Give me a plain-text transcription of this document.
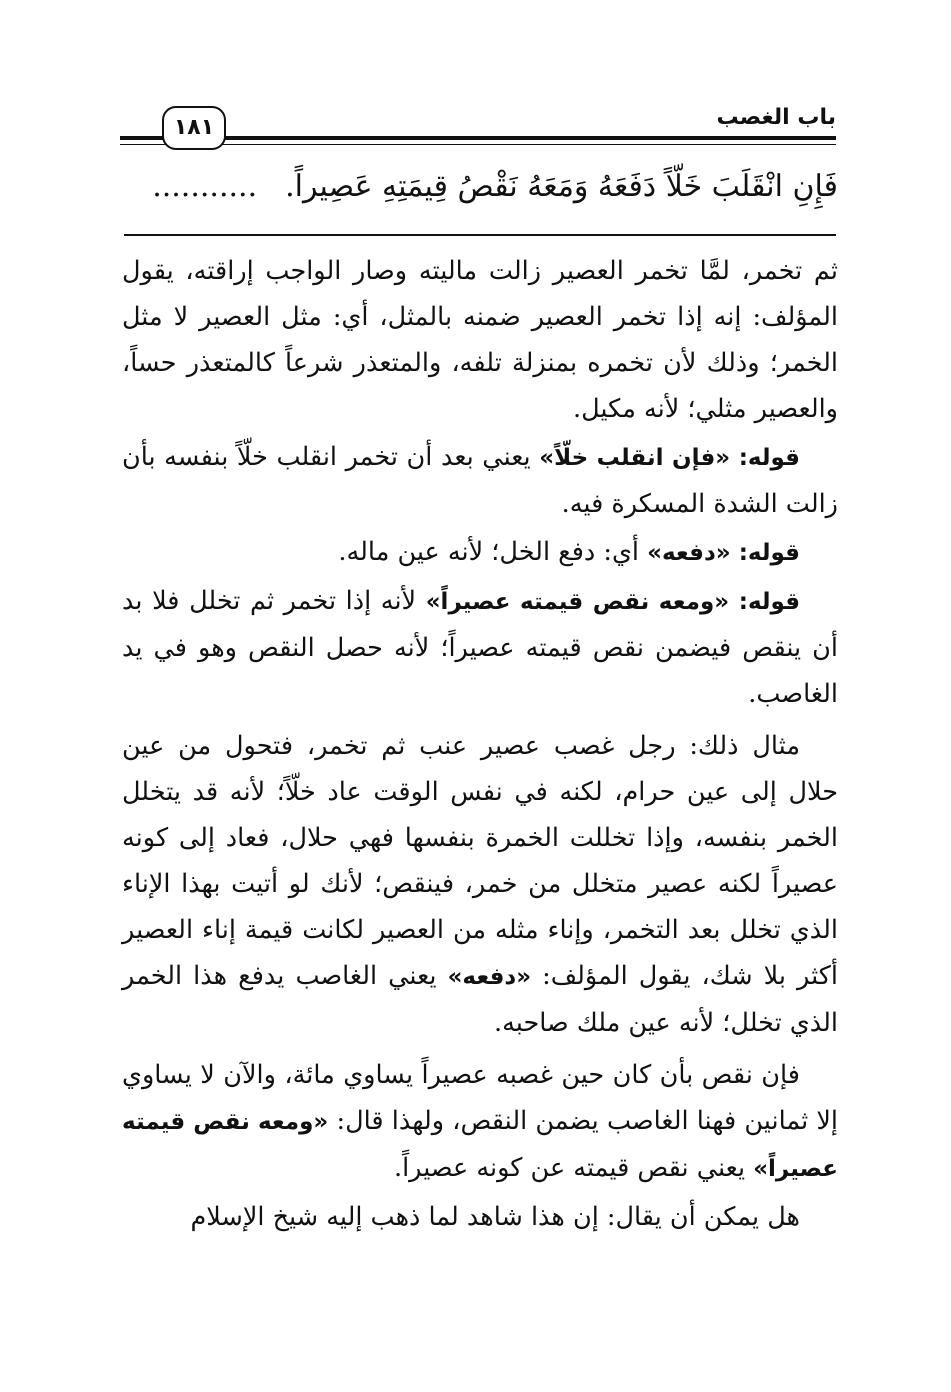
باب الغصب
١٨١
فَإِنِ انْقَلَبَ خَلّاً دَفَعَهُ وَمَعَهُ نَقْصُ قِيمَتِهِ عَصِيراً............

ثم تخمر، لمَّا تخمر العصير زالت ماليته وصار الواجب إراقته، يقول المؤلف: إنه إذا تخمر العصير ضمنه بالمثل، أي: مثل العصير لا مثل الخمر؛ وذلك لأن تخمره بمنزلة تلفه، والمتعذر شرعاً كالمتعذر حساً، والعصير مثلي؛ لأنه مكيل.

قوله: «فإن انقلب خلّاً» يعني بعد أن تخمر انقلب خلّاً بنفسه بأن زالت الشدة المسكرة فيه.

قوله: «دفعه» أي: دفع الخل؛ لأنه عين ماله.

قوله: «ومعه نقص قيمته عصيراً» لأنه إذا تخمر ثم تخلل فلا بد أن ينقص فيضمن نقص قيمته عصيراً؛ لأنه حصل النقص وهو في يد الغاصب.

مثال ذلك: رجل غصب عصير عنب ثم تخمر، فتحول من عين حلال إلى عين حرام، لكنه في نفس الوقت عاد خلّاً؛ لأنه قد يتخلل الخمر بنفسه، وإذا تخللت الخمرة بنفسها فهي حلال، فعاد إلى كونه عصيراً لكنه عصير متخلل من خمر، فينقص؛ لأنك لو أتيت بهذا الإناء الذي تخلل بعد التخمر، وإناء مثله من العصير لكانت قيمة إناء العصير أكثر بلا شك، يقول المؤلف: «دفعه» يعني الغاصب يدفع هذا الخمر الذي تخلل؛ لأنه عين ملك صاحبه.

فإن نقص بأن كان حين غصبه عصيراً يساوي مائة، والآن لا يساوي إلا ثمانين فهنا الغاصب يضمن النقص، ولهذا قال: «ومعه نقص قيمته عصيراً» يعني نقص قيمته عن كونه عصيراً.

هل يمكن أن يقال: إن هذا شاهد لما ذهب إليه شيخ الإسلام
